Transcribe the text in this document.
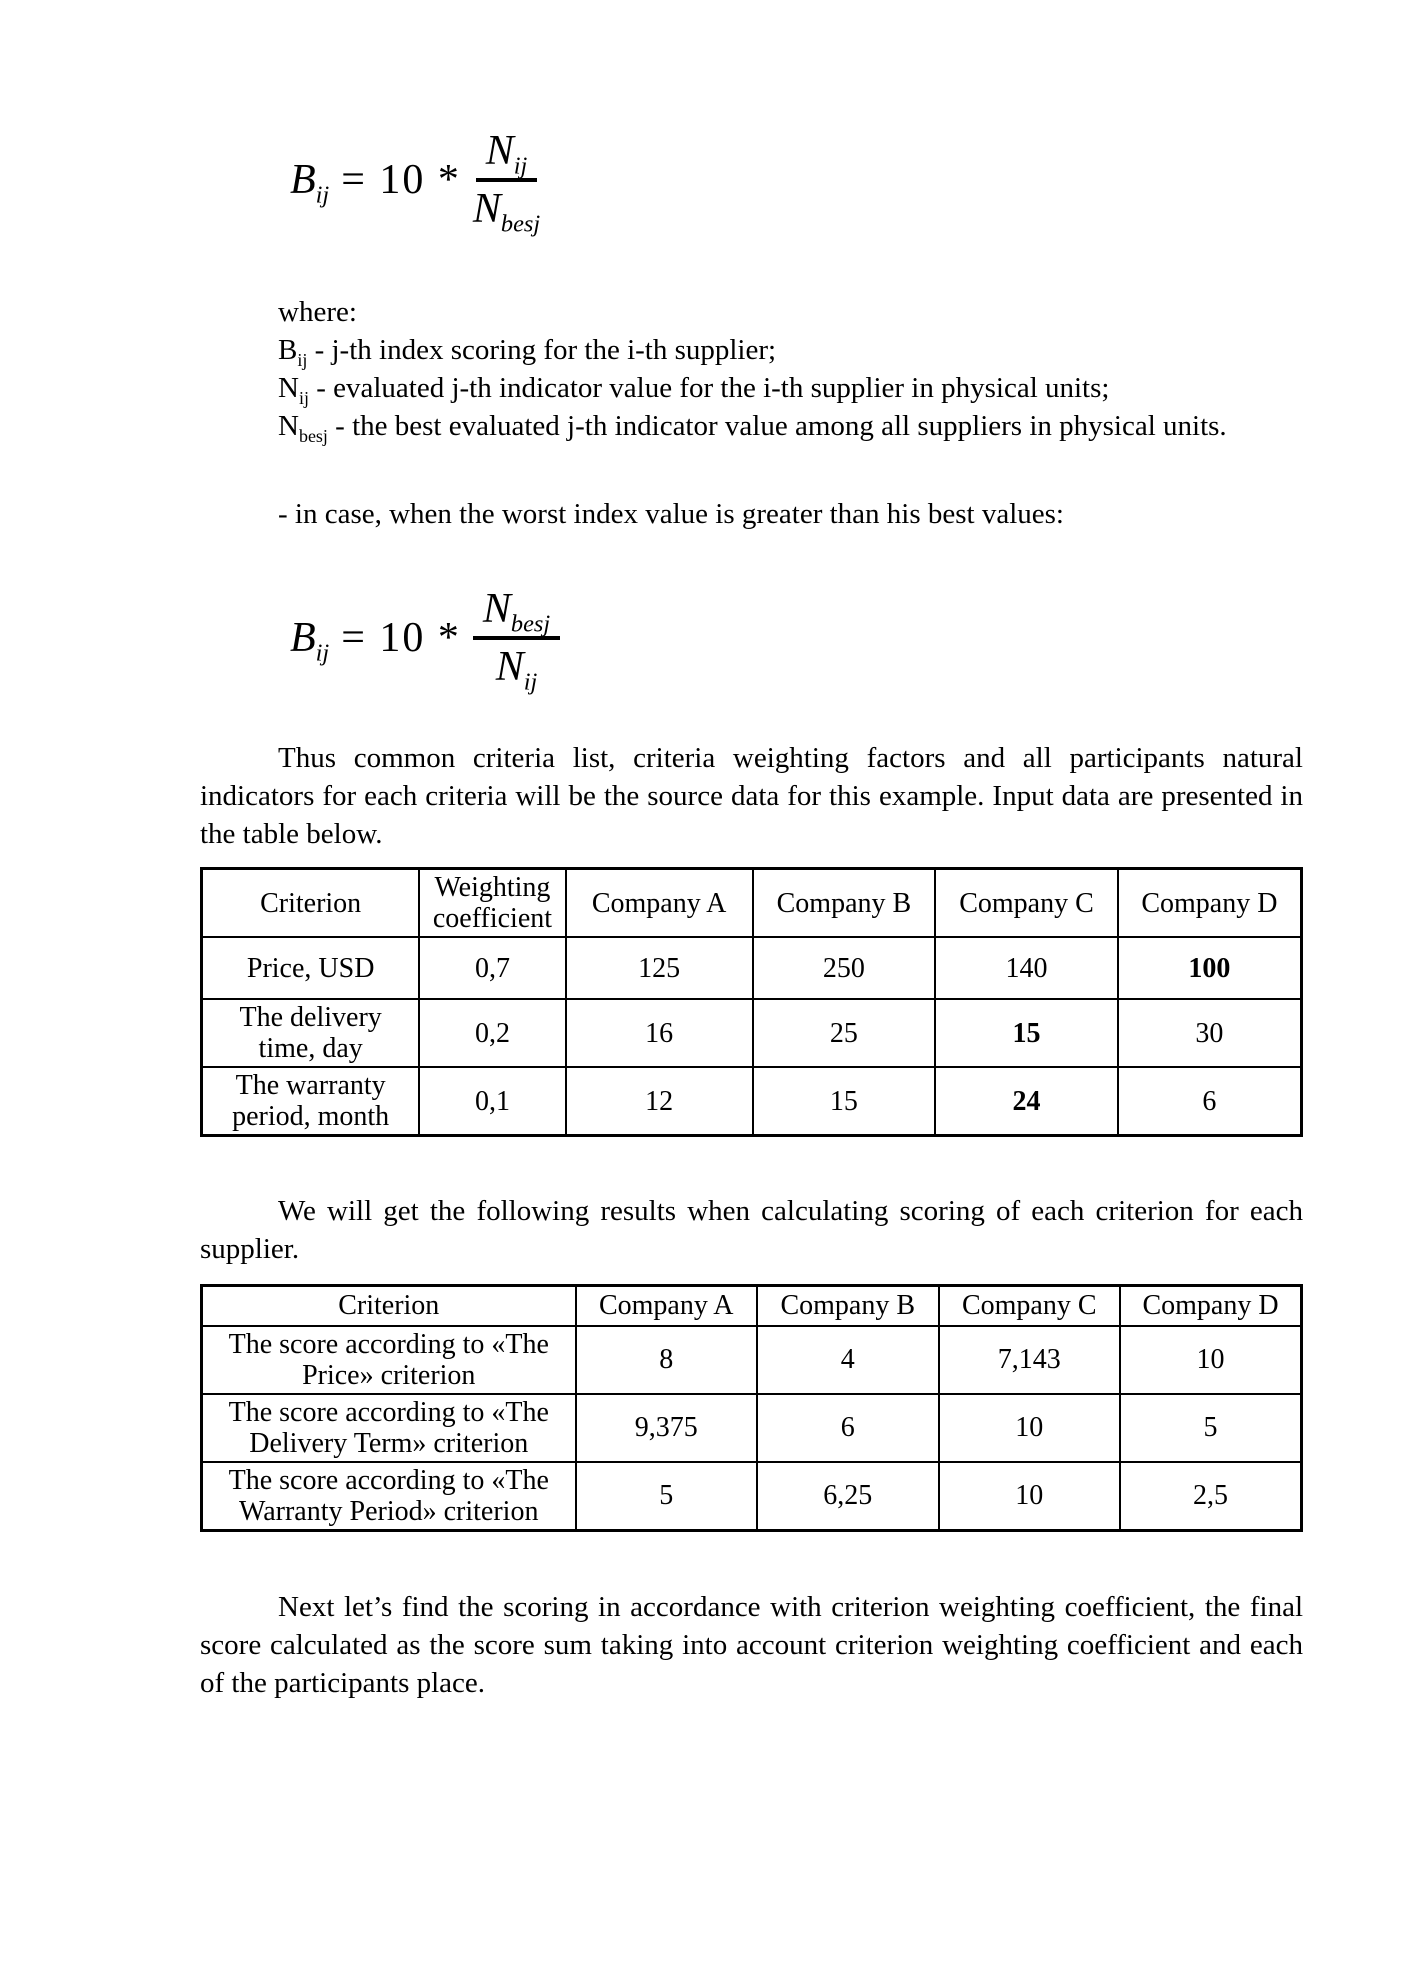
$B_{ij} = 10 * \frac{N_{ij}}{N_{besj}}$

where:

$B_{ij} - j-th$ index scoring for the i-th supplier;

$N_{ij}$ - evaluated j-th indicator value for the i-th supplier in physical units;

$N_{besj}$ - the best evaluated j-th indicator value among all suppliers in physical units.

- in case, when the worst index value is greater than his best values:

$B_{ij} = 10 * \frac{N_{besj}}{N_{ij}}$

Thus common criteria list, criteria weighting factors and all participants natural indicators for each criteria will be the source data for this example. Input data are presented in the table below.

Criterion	Weighting coefficient	Company A	Company B	Company C	Company D
Price, USD	0,7	125	250	140	100
The delivery time, day	0,2	16	25	15	30
The warranty period, month	0,1	12	15	24	6

We will get the following results when calculating scoring of each criterion for each supplier.

Criterion	Company A	Company B	Company C	Company D
The score according to «The Price» criterion	8	4	7,143	10
The score according to «The Delivery Term» criterion	9,375	6	10	5
The score according to «The Warranty Period» criterion	5	6,25	10	2,5

Next let’s find the scoring in accordance with criterion weighting coefficient, the final score calculated as the score sum taking into account criterion weighting coefficient and each of the participants place.
